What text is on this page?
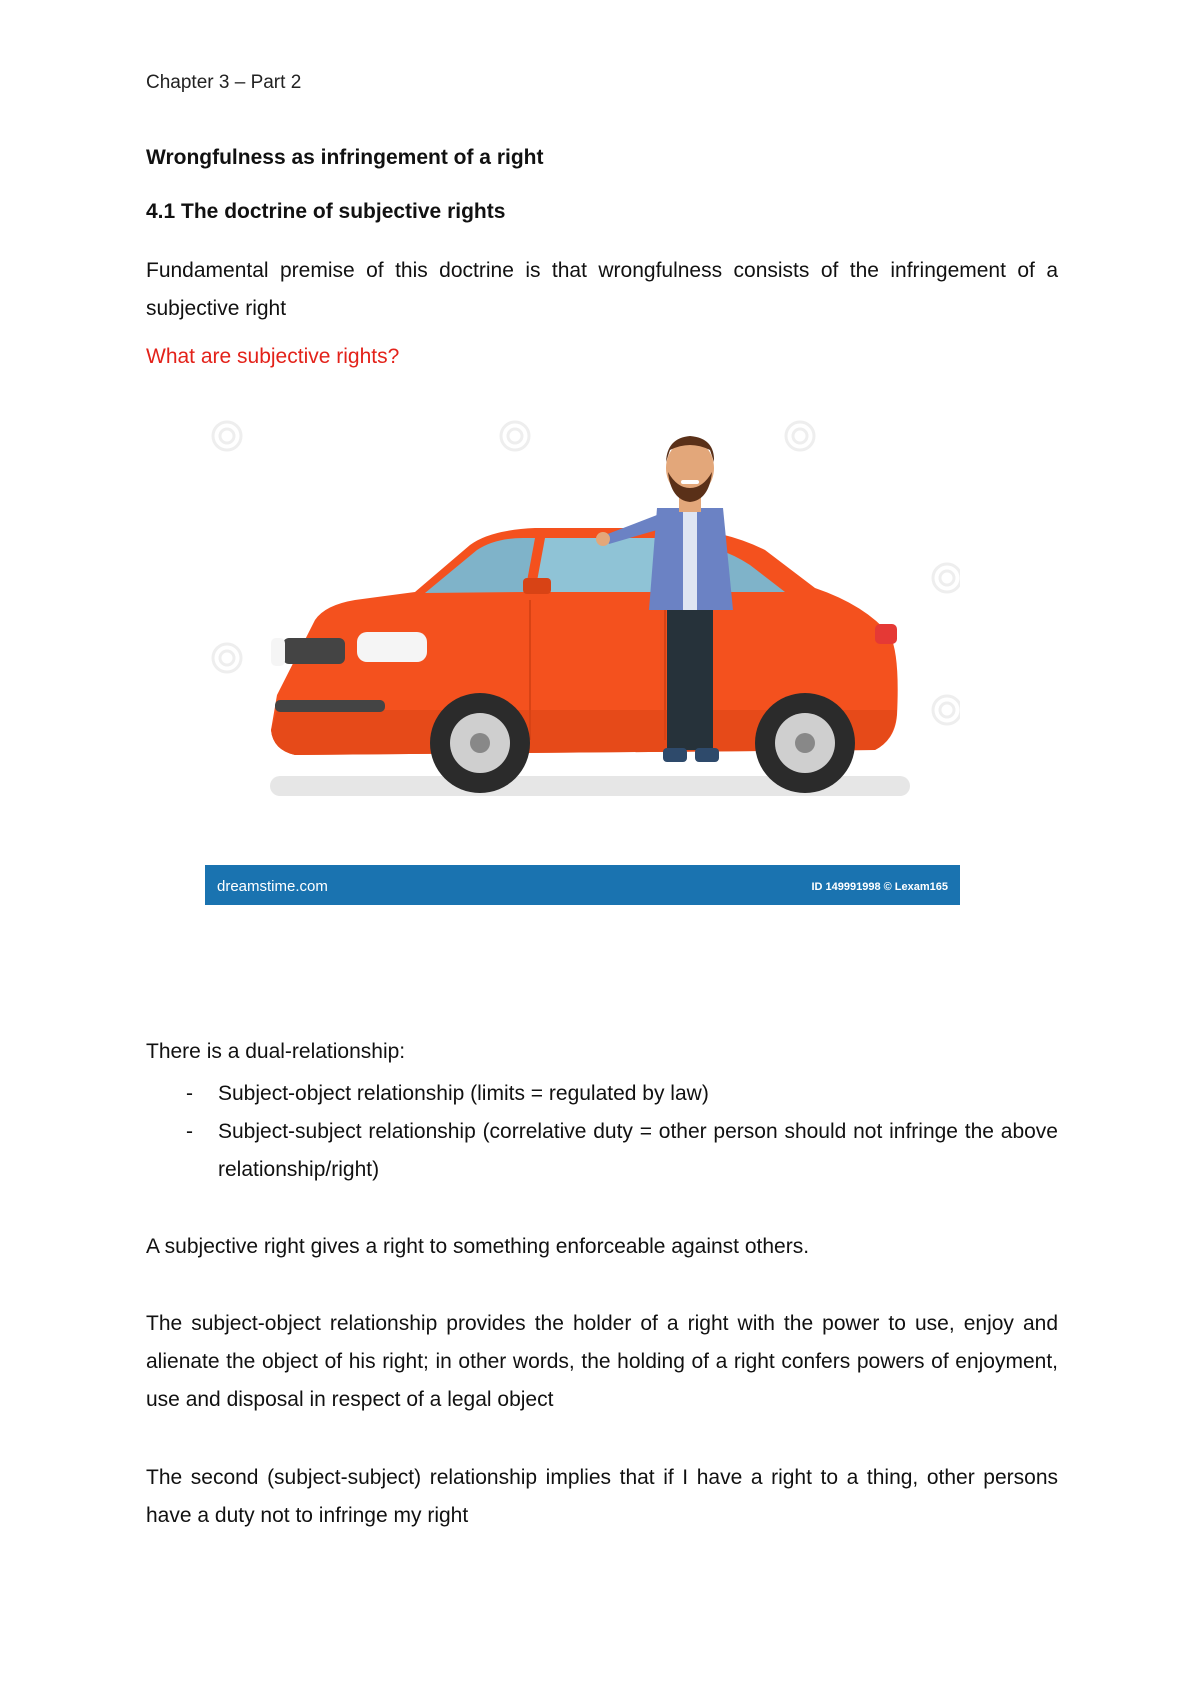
Chapter 3 – Part 2
Wrongfulness as infringement of a right
4.1 The doctrine of subjective rights
Fundamental premise of this doctrine is that wrongfulness consists of the infringement of a subjective right
What are subjective rights?
dreamstime.com	ID 149991998 © Lexam165
There is a dual-relationship:
- Subject-object relationship (limits = regulated by law)
- Subject-subject relationship (correlative duty = other person should not infringe the above relationship/right)
A subjective right gives a right to something enforceable against others.
The subject-object relationship provides the holder of a right with the power to use, enjoy and alienate the object of his right; in other words, the holding of a right confers powers of enjoyment, use and disposal in respect of a legal object
The second (subject-subject) relationship implies that if I have a right to a thing, other persons have a duty not to infringe my right
